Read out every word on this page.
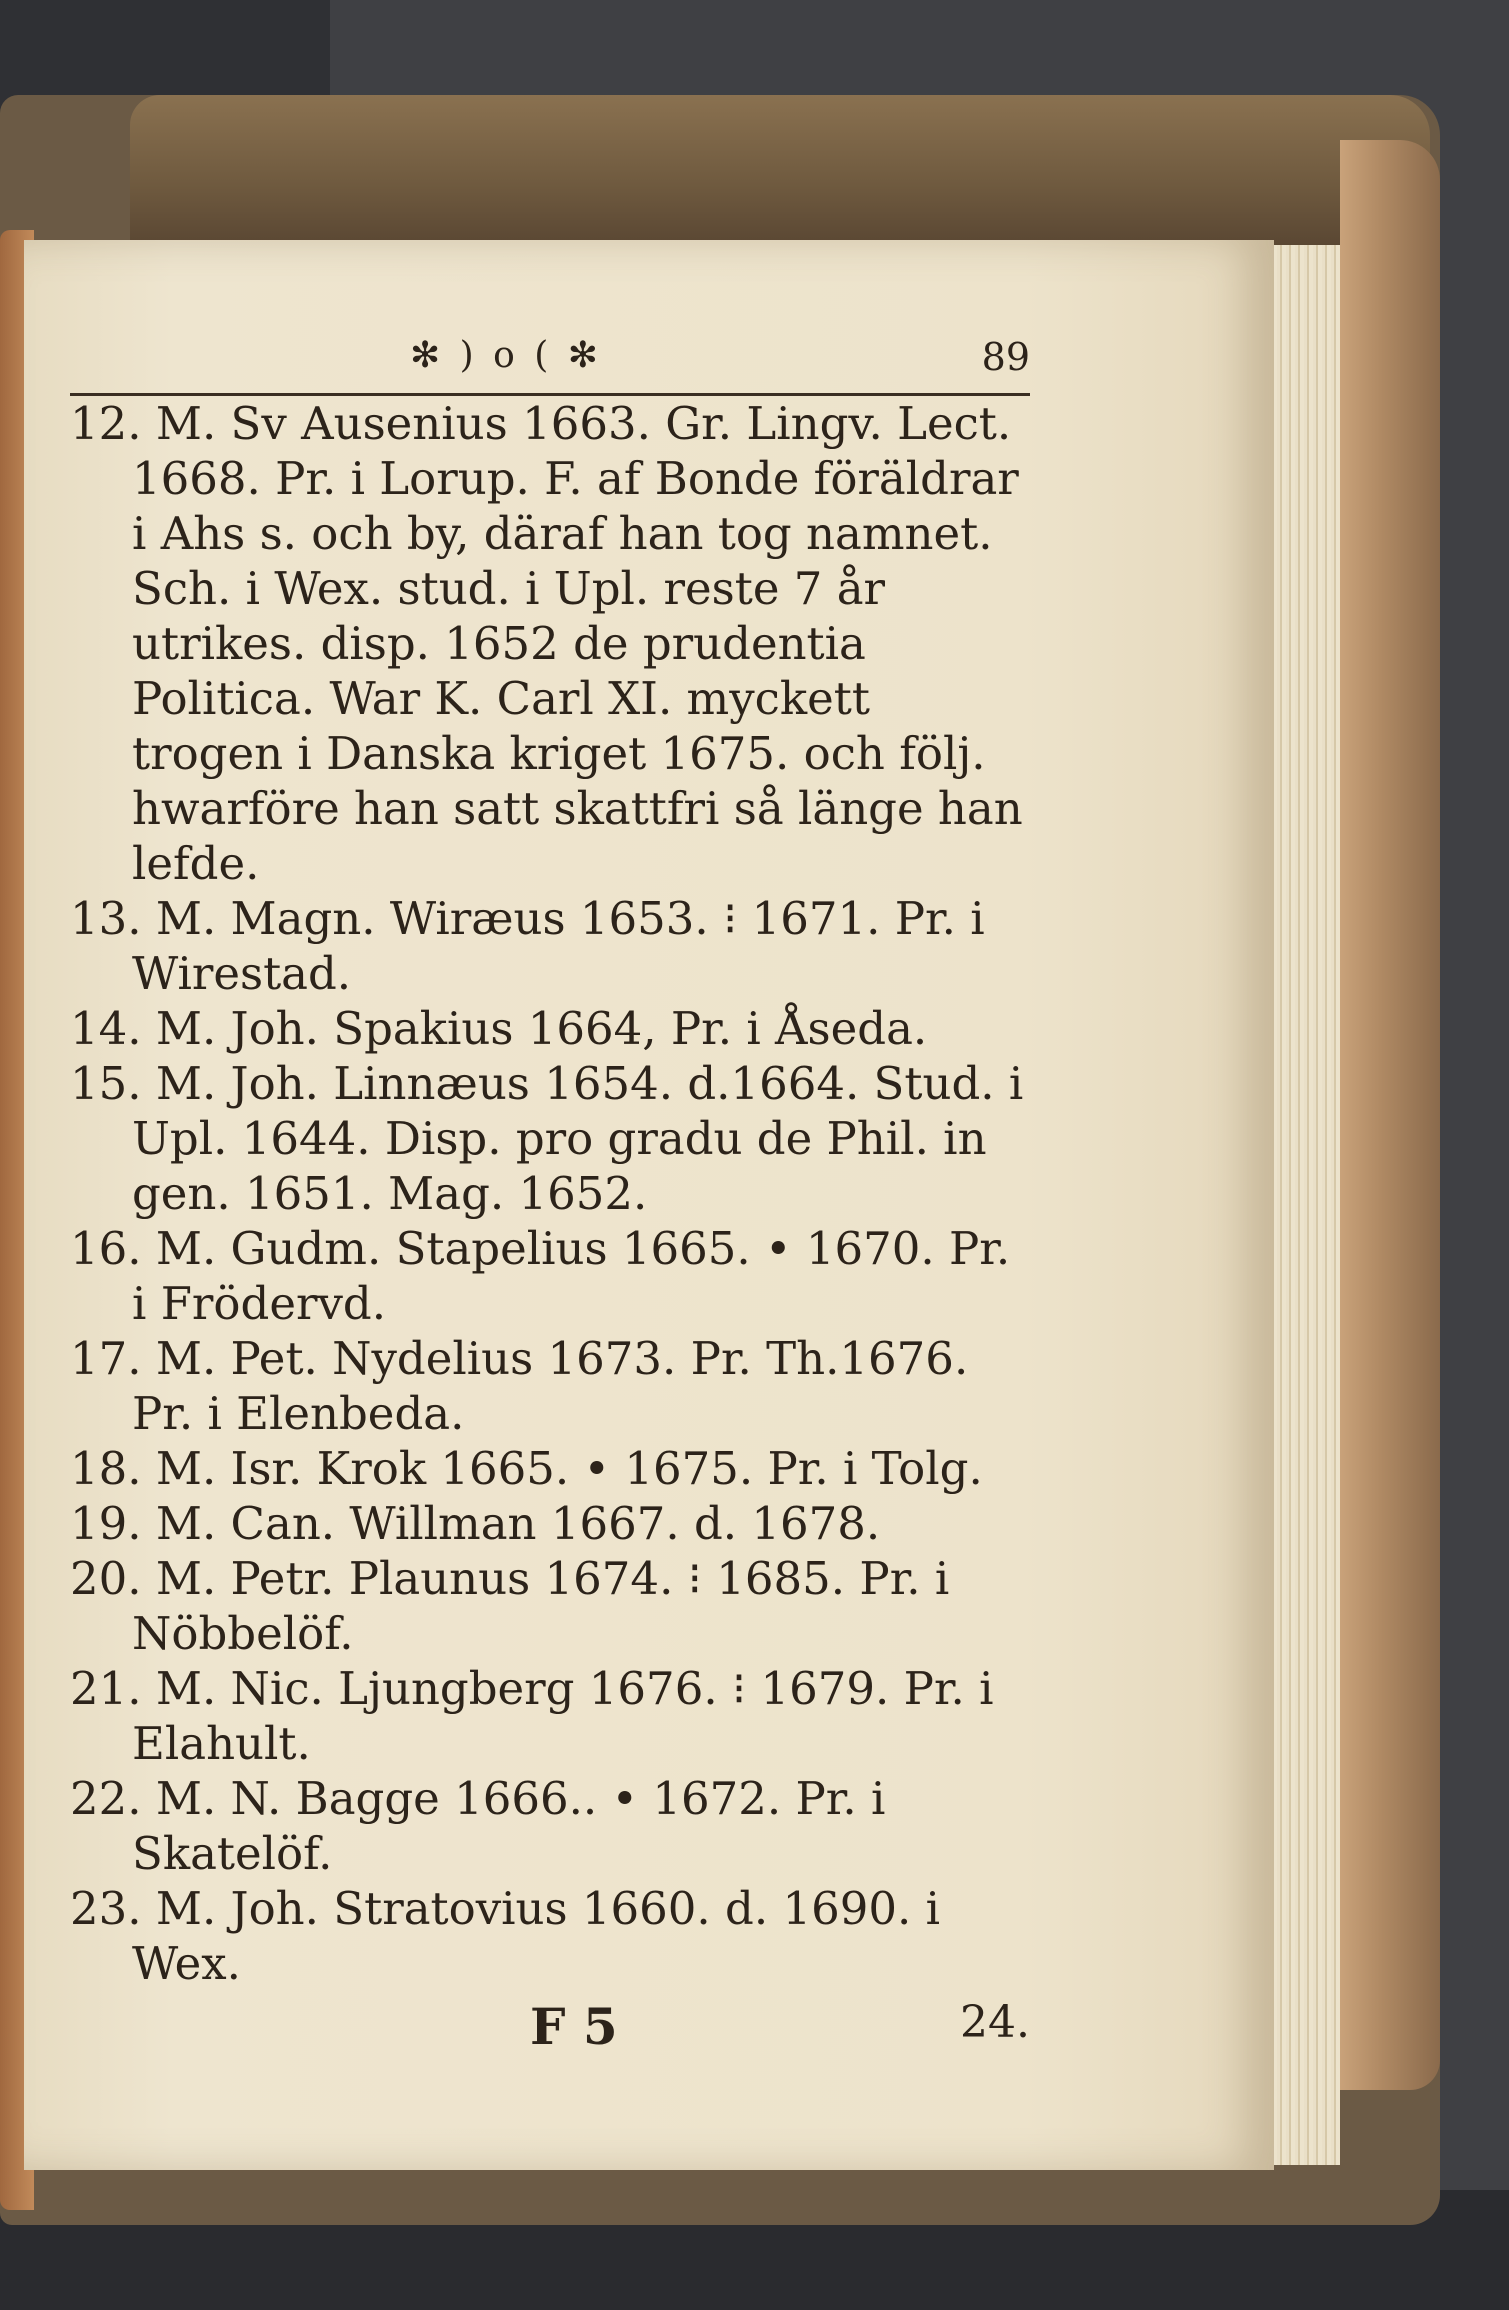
✻ ) o ( ✻	89

12. M. Sv Ausenius 1663. Gr. Lingv. Lect. 1668. Pr. i Lorup. F. af Bonde föräldrar i Ahs s. och by, däraf han tog namnet. Sch. i Wex. stud. i Upl. reste 7 år utrikes. disp. 1652 de prudentia Politica. War K. Carl XI. myckett trogen i Danska kriget 1675. och följ. hwarföre han satt skattfri så länge han lefde.

13. M. Magn. Wiræus 1653. ⁝ 1671. Pr. i Wirestad.

14. M. Joh. Spakius 1664, Pr. i Åseda.

15. M. Joh. Linnæus 1654. d.1664. Stud. i Upl. 1644. Disp. pro gradu de Phil. in gen. 1651. Mag. 1652.

16. M. Gudm. Stapelius 1665. • 1670. Pr. i Frödervd.

17. M. Pet. Nydelius 1673. Pr. Th.1676. Pr. i Elenbeda.

18. M. Isr. Krok 1665. • 1675. Pr. i Tolg.

19. M. Can. Willman 1667. d. 1678.

20. M. Petr. Plaunus 1674. ⁝ 1685. Pr. i Nöbbelöf.

21. M. Nic. Ljungberg 1676. ⁝ 1679. Pr. i Elahult.

22. M. N. Bagge 1666.. • 1672. Pr. i Skatelöf.

23. M. Joh. Stratovius 1660. d. 1690. i Wex.

F 5	24.
